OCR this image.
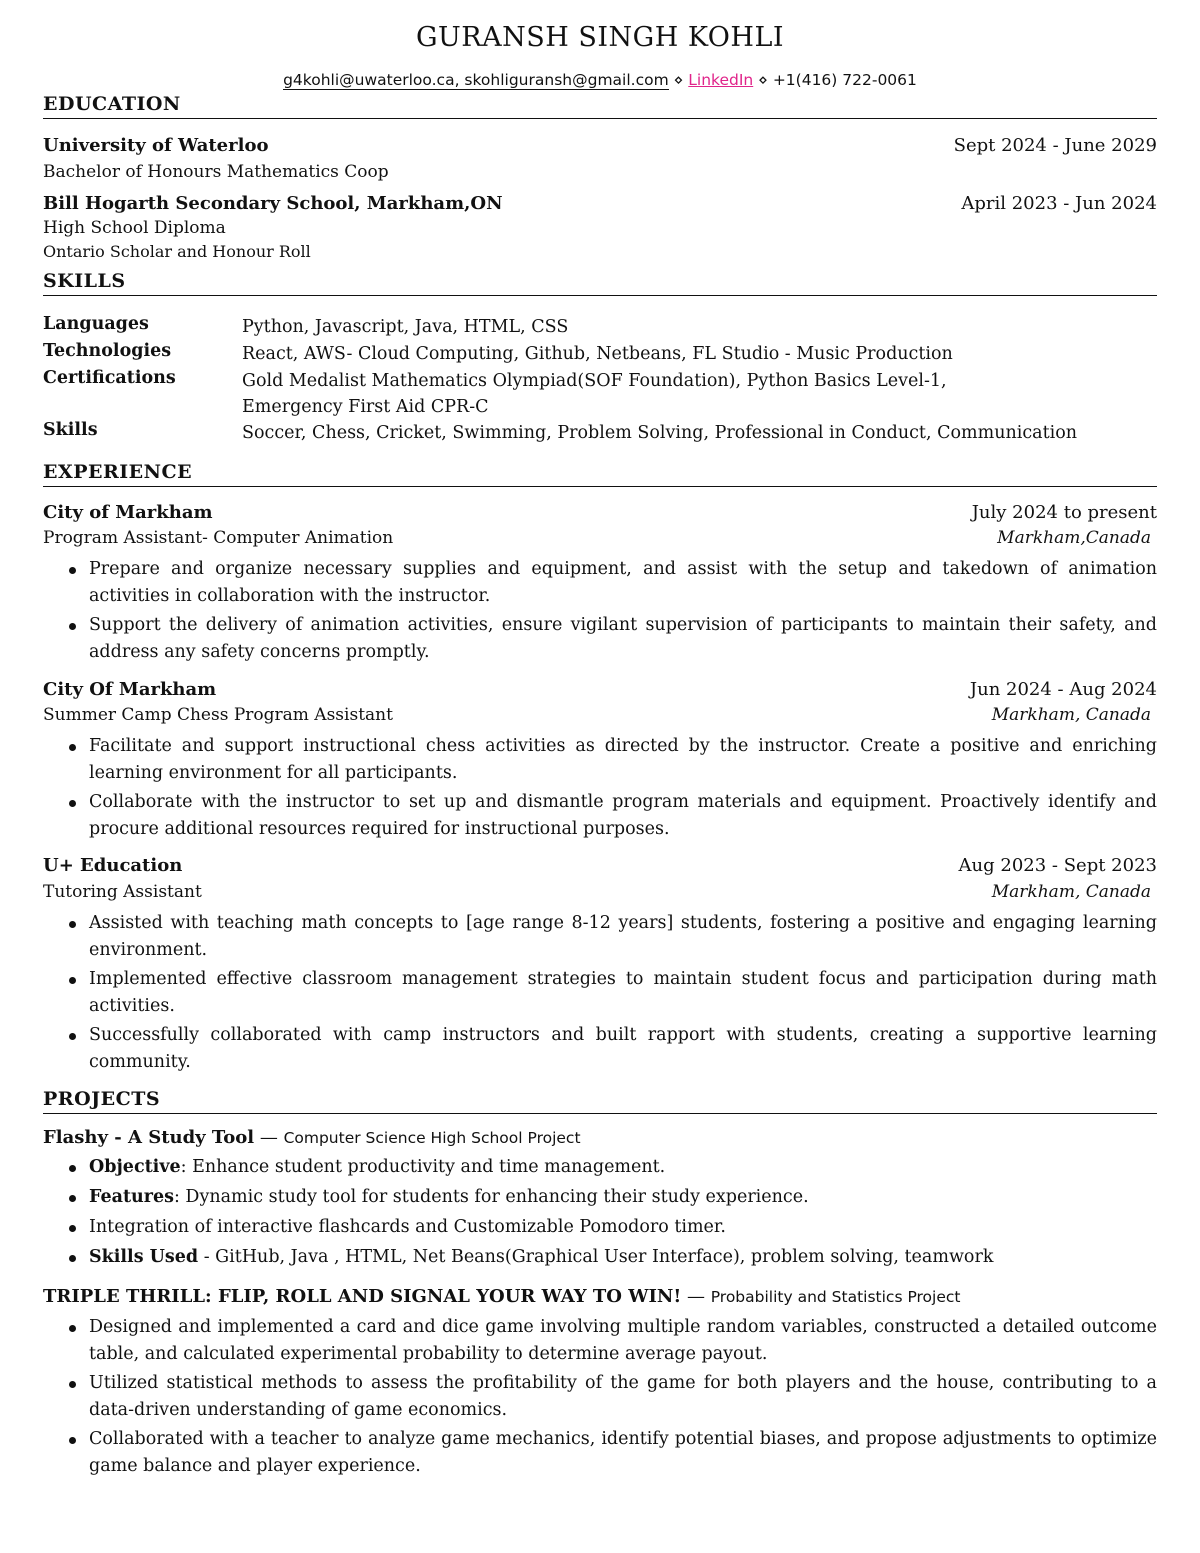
GURANSH SINGH KOHLI
g4kohli@uwaterloo.ca, skohliguransh@gmail.com ⋄ LinkedIn ⋄ +1(416) 722-0061
EDUCATION
University of Waterloo	Sept 2024 - June 2029
Bachelor of Honours Mathematics Coop
Bill Hogarth Secondary School, Markham,ON	April 2023 - Jun 2024
High School Diploma
Ontario Scholar and Honour Roll
SKILLS
Languages	Python, Javascript, Java, HTML, CSS
Technologies	React, AWS- Cloud Computing, Github, Netbeans, FL Studio - Music Production
Certifications	Gold Medalist Mathematics Olympiad(SOF Foundation), Python Basics Level-1, Emergency First Aid CPR-C
Skills	Soccer, Chess, Cricket, Swimming, Problem Solving, Professional in Conduct, Communication
EXPERIENCE
City of Markham	July 2024 to present
Program Assistant- Computer Animation	Markham,Canada
Prepare and organize necessary supplies and equipment, and assist with the setup and takedown of animation activities in collaboration with the instructor.
Support the delivery of animation activities, ensure vigilant supervision of participants to maintain their safety, and address any safety concerns promptly.
City Of Markham	Jun 2024 - Aug 2024
Summer Camp Chess Program Assistant	Markham, Canada
Facilitate and support instructional chess activities as directed by the instructor. Create a positive and enriching learning environment for all participants.
Collaborate with the instructor to set up and dismantle program materials and equipment. Proactively identify and procure additional resources required for instructional purposes.
U+ Education	Aug 2023 - Sept 2023
Tutoring Assistant	Markham, Canada
Assisted with teaching math concepts to [age range 8-12 years] students, fostering a positive and engaging learning environment.
Implemented effective classroom management strategies to maintain student focus and participation during math activities.
Successfully collaborated with camp instructors and built rapport with students, creating a supportive learning community.
PROJECTS
Flashy - A Study Tool — Computer Science High School Project
Objective: Enhance student productivity and time management.
Features: Dynamic study tool for students for enhancing their study experience.
Integration of interactive flashcards and Customizable Pomodoro timer.
Skills Used - GitHub, Java , HTML, Net Beans(Graphical User Interface), problem solving, teamwork
TRIPLE THRILL: FLIP, ROLL AND SIGNAL YOUR WAY TO WIN! — Probability and Statistics Project
Designed and implemented a card and dice game involving multiple random variables, constructed a detailed outcome table, and calculated experimental probability to determine average payout.
Utilized statistical methods to assess the profitability of the game for both players and the house, contributing to a data-driven understanding of game economics.
Collaborated with a teacher to analyze game mechanics, identify potential biases, and propose adjustments to optimize game balance and player experience.
